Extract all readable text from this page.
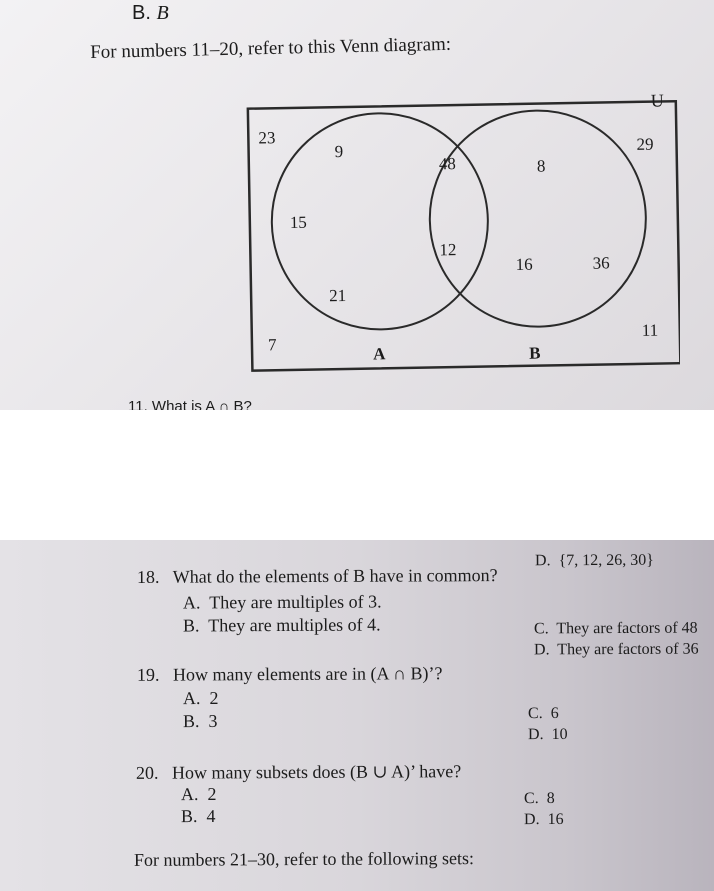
B. B
For numbers 11–20, refer to this Venn diagram:
U
A	B
9
15
21
48
12
8
16	36
23	29
7
11
11. What is A ∩ B?
D. {7, 12, 26, 30}
18. What do the elements of B have in common?
A. They are multiples of 3.
B. They are multiples of 4.	C. They are factors of 48
D. They are factors of 36
19. How many elements are in (A ∩ B)’?
A. 2
B. 3	C. 6
D. 10
20. How many subsets does (B ∪ A)’ have?
A. 2
B. 4
C. 8
D. 16
For numbers 21–30, refer to the following sets:
